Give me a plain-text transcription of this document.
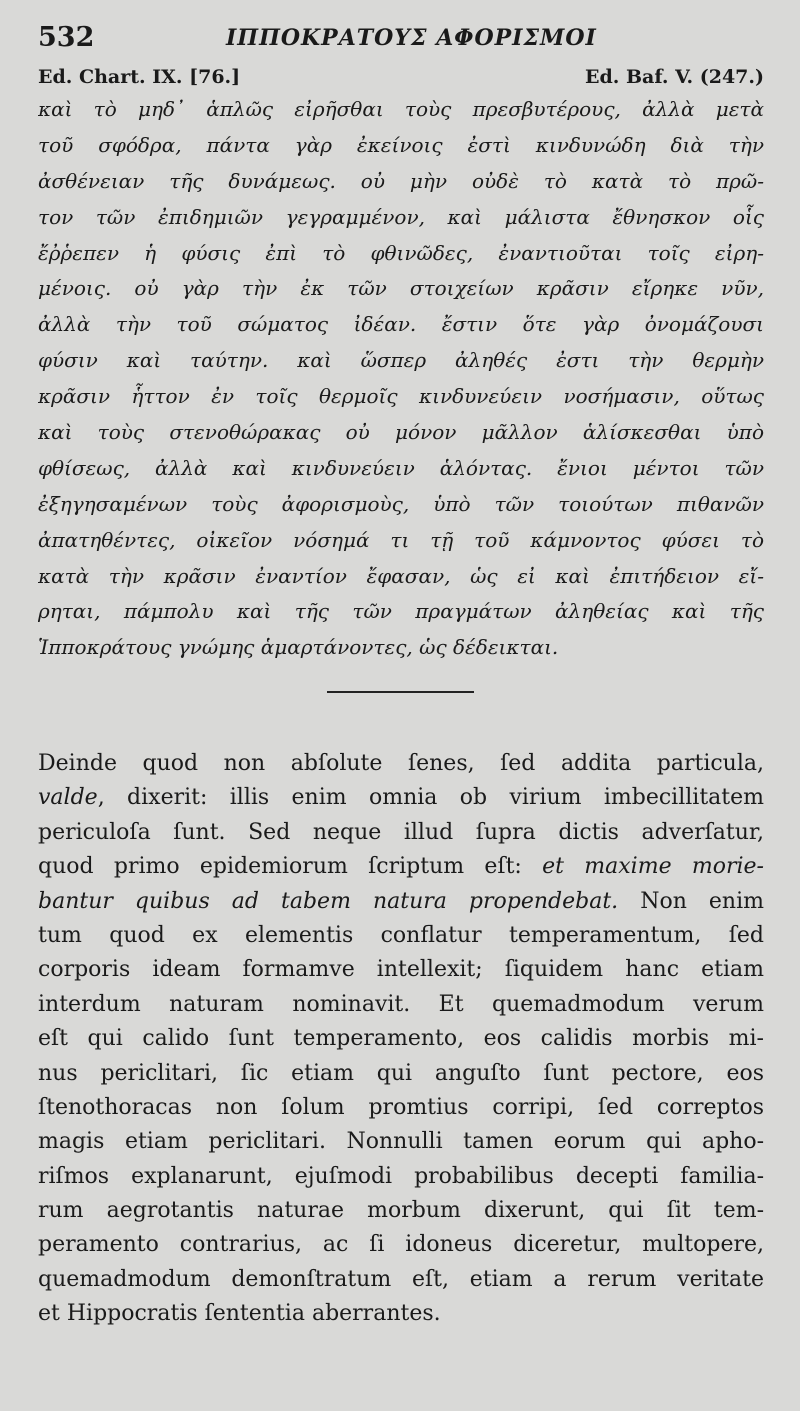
532	ΙΠΠΟΚΡΑΤΟΥΣ ΑΦΟΡΙΣΜΟΙ
Ed. Chart. IX. [76.]	Ed. Baf. V. (247.)
καὶ τὸ μηδ᾽ ἁπλῶς εἰρῆσθαι τοὺς πρεσβυτέρους, ἀλλὰ μετὰ
τοῦ σφόδρα, πάντα γὰρ ἐκείνοις ἐστὶ κινδυνώδη διὰ τὴν
ἀσθένειαν τῆς δυνάμεως. οὐ μὴν οὐδὲ τὸ κατὰ τὸ πρῶ-
τον τῶν ἐπιδημιῶν γεγραμμένον, καὶ μάλιστα ἔθνησκον οἷς
ἔῤῥεπεν ἡ φύσις ἐπὶ τὸ φθινῶδες, ἐναντιοῦται τοῖς εἰρη-
μένοις. οὐ γὰρ τὴν ἐκ τῶν στοιχείων κρᾶσιν εἴρηκε νῦν,
ἀλλὰ τὴν τοῦ σώματος ἰδέαν. ἔστιν ὅτε γὰρ ὀνομάζουσι
φύσιν καὶ ταύτην. καὶ ὥσπερ ἀληθές ἐστι τὴν θερμὴν
κρᾶσιν ἧττον ἐν τοῖς θερμοῖς κινδυνεύειν νοσήμασιν, οὕτως
καὶ τοὺς στενοθώρακας οὐ μόνον μᾶλλον ἁλίσκεσθαι ὑπὸ
φθίσεως, ἀλλὰ καὶ κινδυνεύειν ἁλόντας. ἔνιοι μέντοι τῶν
ἐξηγησαμένων τοὺς ἀφορισμοὺς, ὑπὸ τῶν τοιούτων πιθανῶν
ἀπατηθέντες, οἰκεῖον νόσημά τι τῇ τοῦ κάμνοντος φύσει τὸ
κατὰ τὴν κρᾶσιν ἐναντίον ἔφασαν, ὡς εἰ καὶ ἐπιτήδειον εἴ-
ρηται, πάμπολυ καὶ τῆς τῶν πραγμάτων ἀληθείας καὶ τῆς
Ἱπποκράτους γνώμης ἁμαρτάνοντες, ὡς δέδεικται.
Deinde quod non abſolute ſenes, ſed addita particula,
valde, dixerit: illis enim omnia ob virium imbecillitatem
periculoſa ſunt. Sed neque illud ſupra dictis adverſatur,
quod primo epidemiorum ſcriptum eſt: et maxime morie-
bantur quibus ad tabem natura propendebat. Non enim
tum quod ex elementis conflatur temperamentum, ſed
corporis ideam formamve intellexit; ſiquidem hanc etiam
interdum naturam nominavit. Et quemadmodum verum
eſt qui calido ſunt temperamento, eos calidis morbis mi-
nus periclitari, ſic etiam qui anguſto ſunt pectore, eos
ſtenothoracas non ſolum promtius corripi, ſed correptos
magis etiam periclitari. Nonnulli tamen eorum qui apho-
riſmos explanarunt, ejuſmodi probabilibus decepti familia-
rum aegrotantis naturae morbum dixerunt, qui ſit tem-
peramento contrarius, ac ſi idoneus diceretur, multopere,
quemadmodum demonſtratum eſt, etiam a rerum veritate
et Hippocratis ſententia aberrantes.
